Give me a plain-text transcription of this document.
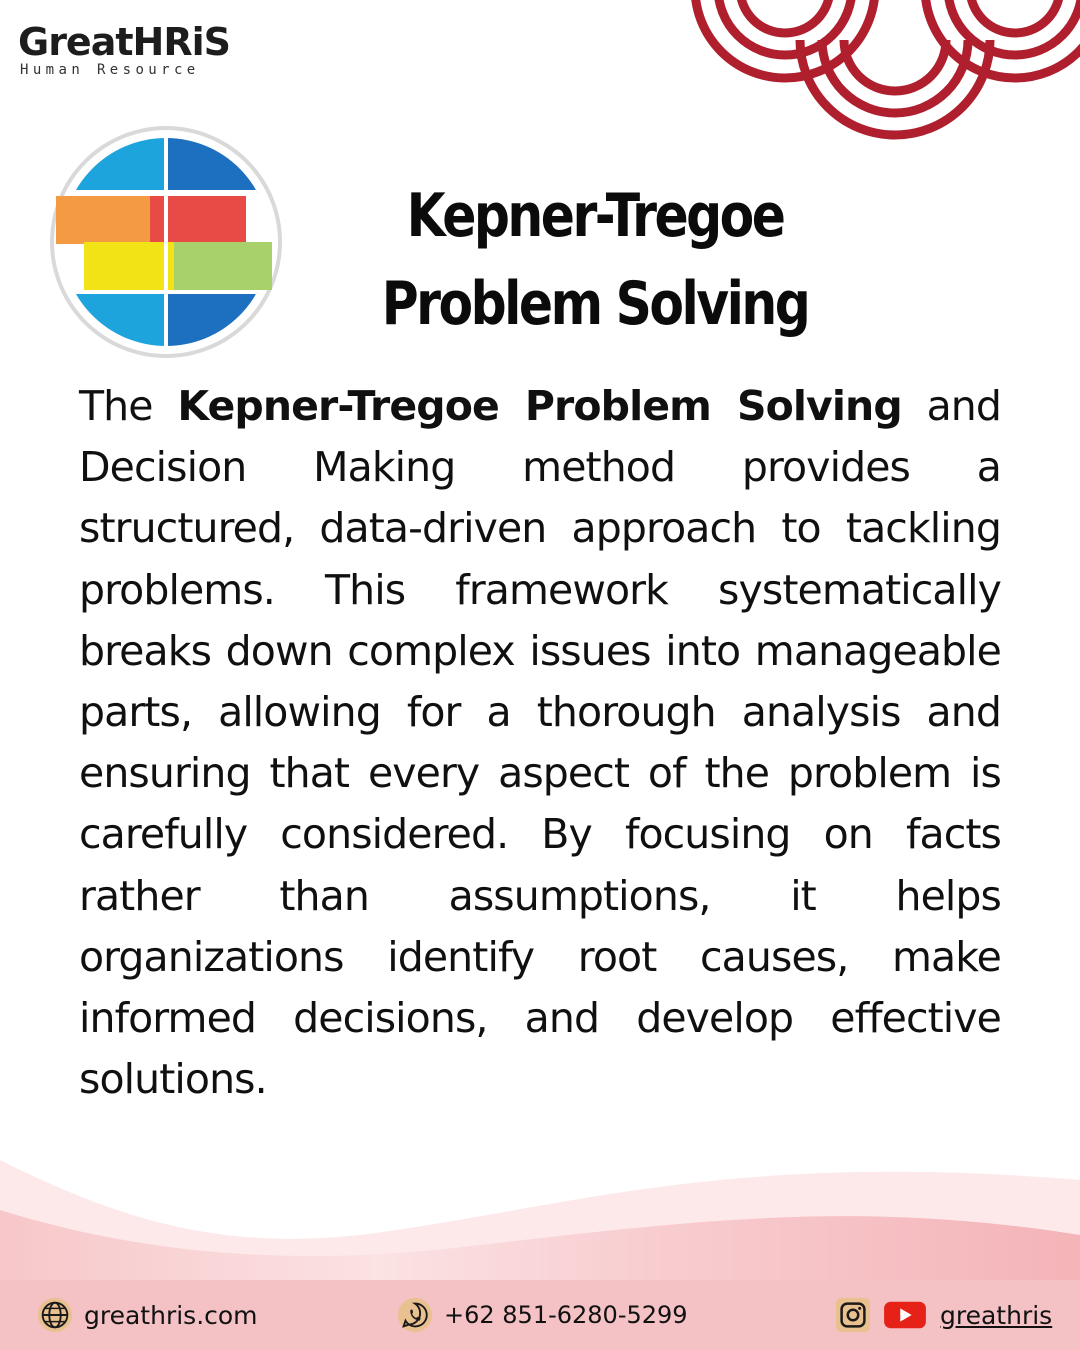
GreatHRiS
Human Resource
Kepner-Tregoe
Problem Solving
The Kepner-Tregoe Problem Solving and Decision Making method provides a structured, data-driven approach to tackling problems. This framework systematically breaks down complex issues into manageable parts, allowing for a thorough analysis and ensuring that every aspect of the problem is carefully considered. By focusing on facts rather than assumptions, it helps organizations identify root causes, make informed decisions, and develop effective solutions.
greathris.com	+62 851-6280-5299	greathris
